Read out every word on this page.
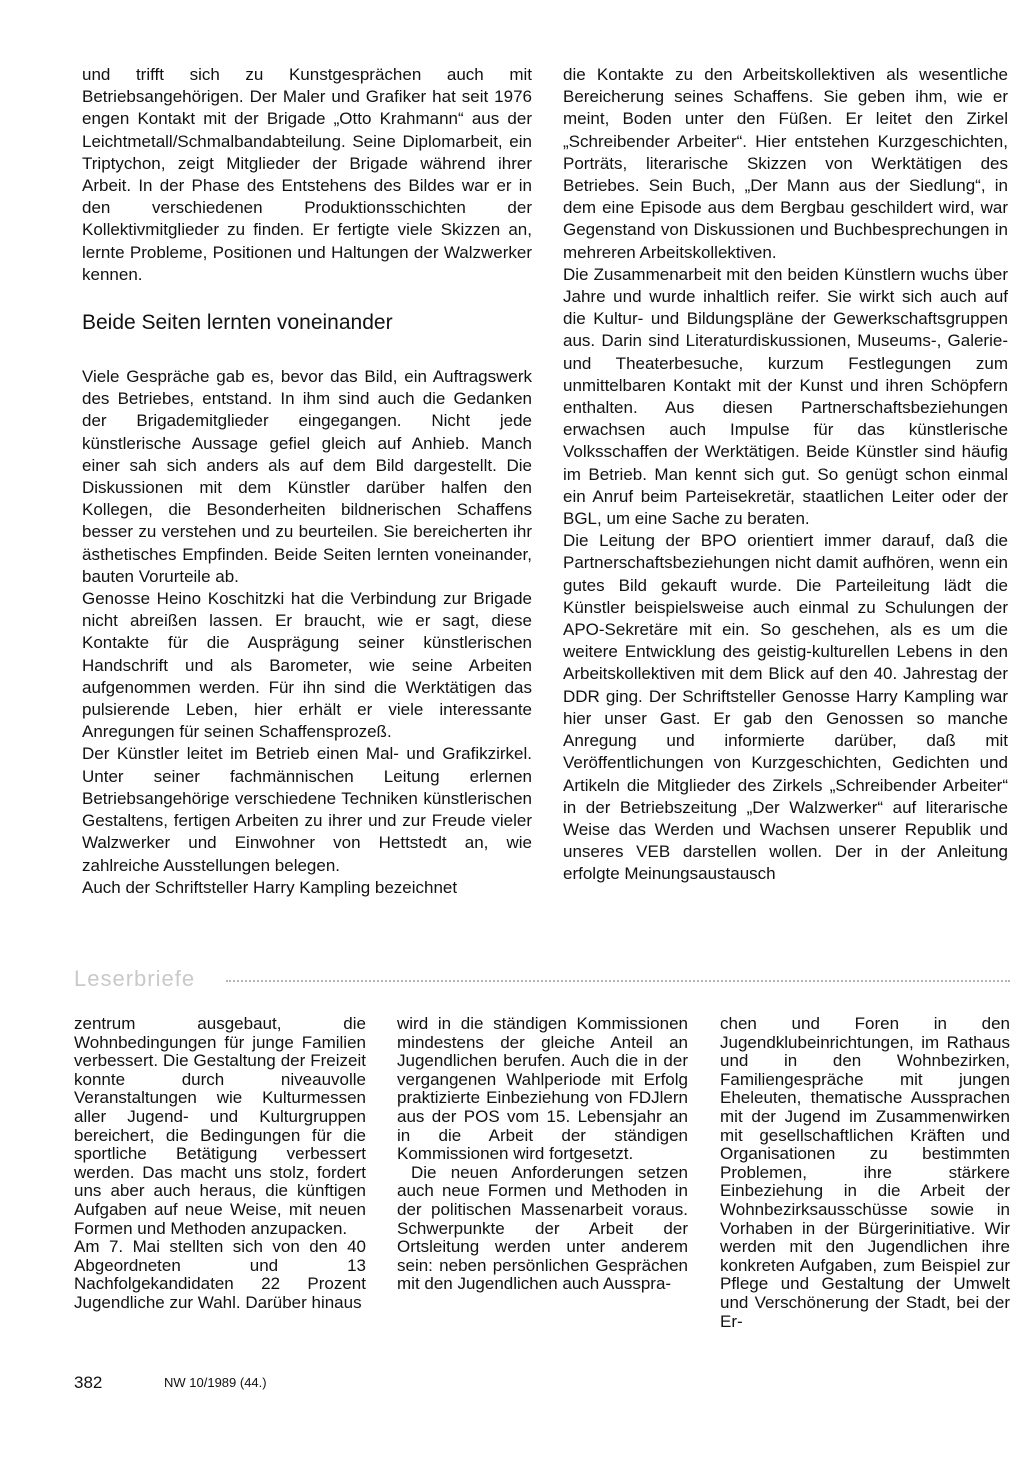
und trifft sich zu Kunstgesprächen auch mit Betriebsangehörigen. Der Maler und Grafiker hat seit 1976 engen Kontakt mit der Brigade „Otto Krahmann“ aus der Leichtmetall/Schmalbandabteilung. Seine Diplomarbeit, ein Triptychon, zeigt Mitglieder der Brigade während ihrer Arbeit. In der Phase des Entstehens des Bildes war er in den verschiedenen Produktionsschichten der Kollektivmitglieder zu finden. Er fertigte viele Skizzen an, lernte Probleme, Positionen und Haltungen der Walzwerker kennen.

Beide Seiten lernten voneinander

Viele Gespräche gab es, bevor das Bild, ein Auftragswerk des Betriebes, entstand. In ihm sind auch die Gedanken der Brigademitglieder eingegangen. Nicht jede künstlerische Aussage gefiel gleich auf Anhieb. Manch einer sah sich anders als auf dem Bild dargestellt. Die Diskussionen mit dem Künstler darüber halfen den Kollegen, die Besonderheiten bildnerischen Schaffens besser zu verstehen und zu beurteilen. Sie bereicherten ihr ästhetisches Empfinden. Beide Seiten lernten voneinander, bauten Vorurteile ab.

Genosse Heino Koschitzki hat die Verbindung zur Brigade nicht abreißen lassen. Er braucht, wie er sagt, diese Kontakte für die Ausprägung seiner künstlerischen Handschrift und als Barometer, wie seine Arbeiten aufgenommen werden. Für ihn sind die Werktätigen das pulsierende Leben, hier erhält er viele interessante Anregungen für seinen Schaffensprozeß.

Der Künstler leitet im Betrieb einen Mal- und Grafikzirkel. Unter seiner fachmännischen Leitung erlernen Betriebsangehörige verschiedene Techniken künstlerischen Gestaltens, fertigen Arbeiten zu ihrer und zur Freude vieler Walzwerker und Einwohner von Hettstedt an, wie zahlreiche Ausstellungen belegen.

Auch der Schriftsteller Harry Kampling bezeichnet

die Kontakte zu den Arbeitskollektiven als wesentliche Bereicherung seines Schaffens. Sie geben ihm, wie er meint, Boden unter den Füßen. Er leitet den Zirkel „Schreibender Arbeiter“. Hier entstehen Kurzgeschichten, Porträts, literarische Skizzen von Werktätigen des Betriebes. Sein Buch, „Der Mann aus der Siedlung“, in dem eine Episode aus dem Bergbau geschildert wird, war Gegenstand von Diskussionen und Buchbesprechungen in mehreren Arbeitskollektiven.

Die Zusammenarbeit mit den beiden Künstlern wuchs über Jahre und wurde inhaltlich reifer. Sie wirkt sich auch auf die Kultur- und Bildungspläne der Gewerkschaftsgruppen aus. Darin sind Literaturdiskussionen, Museums-, Galerie- und Theaterbesuche, kurzum Festlegungen zum unmittelbaren Kontakt mit der Kunst und ihren Schöpfern enthalten. Aus diesen Partnerschaftsbeziehungen erwachsen auch Impulse für das künstlerische Volksschaffen der Werktätigen. Beide Künstler sind häufig im Betrieb. Man kennt sich gut. So genügt schon einmal ein Anruf beim Parteisekretär, staatlichen Leiter oder der BGL, um eine Sache zu beraten.

Die Leitung der BPO orientiert immer darauf, daß die Partnerschaftsbeziehungen nicht damit aufhören, wenn ein gutes Bild gekauft wurde. Die Parteileitung lädt die Künstler beispielsweise auch einmal zu Schulungen der APO-Sekretäre mit ein. So geschehen, als es um die weitere Entwicklung des geistig-kulturellen Lebens in den Arbeitskollektiven mit dem Blick auf den 40. Jahrestag der DDR ging. Der Schriftsteller Genosse Harry Kampling war hier unser Gast. Er gab den Genossen so manche Anregung und informierte darüber, daß mit Veröffentlichungen von Kurzgeschichten, Gedichten und Artikeln die Mitglieder des Zirkels „Schreibender Arbeiter“ in der Betriebszeitung „Der Walzwerker“ auf literarische Weise das Werden und Wachsen unserer Republik und unseres VEB darstellen wollen. Der in der Anleitung erfolgte Meinungsaustausch

Leserbriefe

zentrum ausgebaut, die Wohnbedingungen für junge Familien verbessert. Die Gestaltung der Freizeit konnte durch niveauvolle Veranstaltungen wie Kulturmessen aller Jugend- und Kulturgruppen bereichert, die Bedingungen für die sportliche Betätigung verbessert werden. Das macht uns stolz, fordert uns aber auch heraus, die künftigen Aufgaben auf neue Weise, mit neuen Formen und Methoden anzupacken.

Am 7. Mai stellten sich von den 40 Abgeordneten und 13 Nachfolgekandidaten 22 Prozent Jugendliche zur Wahl. Darüber hinaus

wird in die ständigen Kommissionen mindestens der gleiche Anteil an Jugendlichen berufen. Auch die in der vergangenen Wahlperiode mit Erfolg praktizierte Einbeziehung von FDJlern aus der POS vom 15. Lebensjahr an in die Arbeit der ständigen Kommissionen wird fortgesetzt.

Die neuen Anforderungen setzen auch neue Formen und Methoden in der politischen Massenarbeit voraus. Schwerpunkte der Arbeit der Ortsleitung werden unter anderem sein: neben persönlichen Gesprächen mit den Jugendlichen auch Ausspra-

chen und Foren in den Jugendklubeinrichtungen, im Rathaus und in den Wohnbezirken, Familiengespräche mit jungen Eheleuten, thematische Aussprachen mit der Jugend im Zusammenwirken mit gesellschaftlichen Kräften und Organisationen zu bestimmten Problemen, ihre stärkere Einbeziehung in die Arbeit der Wohnbezirksausschüsse sowie in Vorhaben in der Bürgerinitiative. Wir werden mit den Jugendlichen ihre konkreten Aufgaben, zum Beispiel zur Pflege und Gestaltung der Umwelt und Verschönerung der Stadt, bei der Er-

382	NW 10/1989 (44.)
